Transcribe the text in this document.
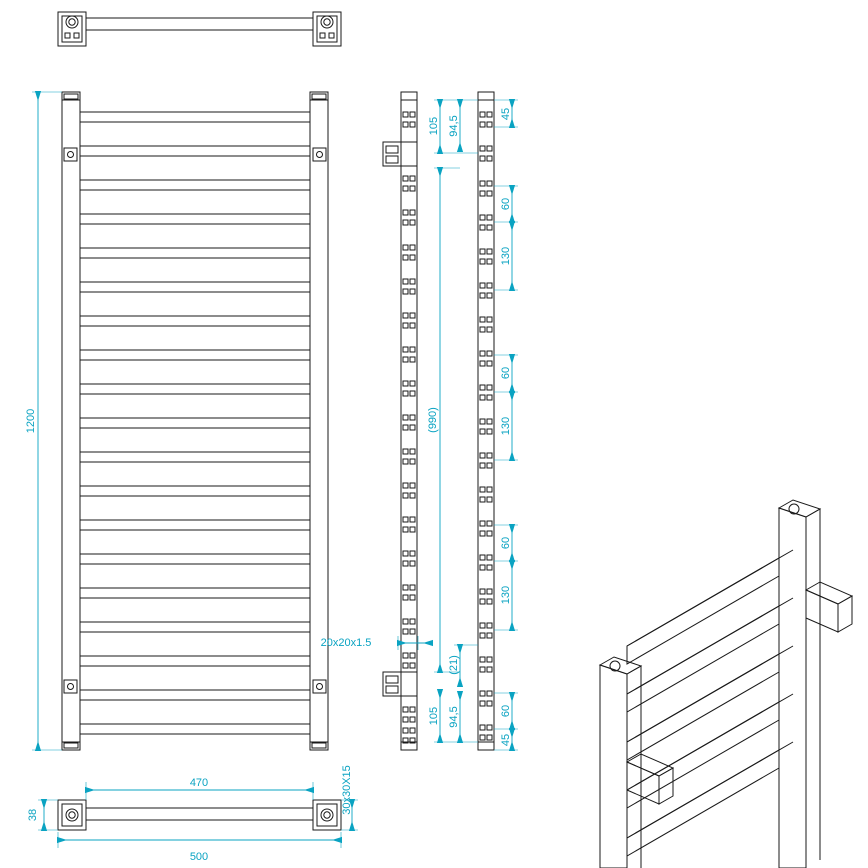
1200
500
470
38
30x30X15
20x20x1.5
(990)
105 94,5
45
60
130
60
130
60
130
(21)
105 94,5	60
45
